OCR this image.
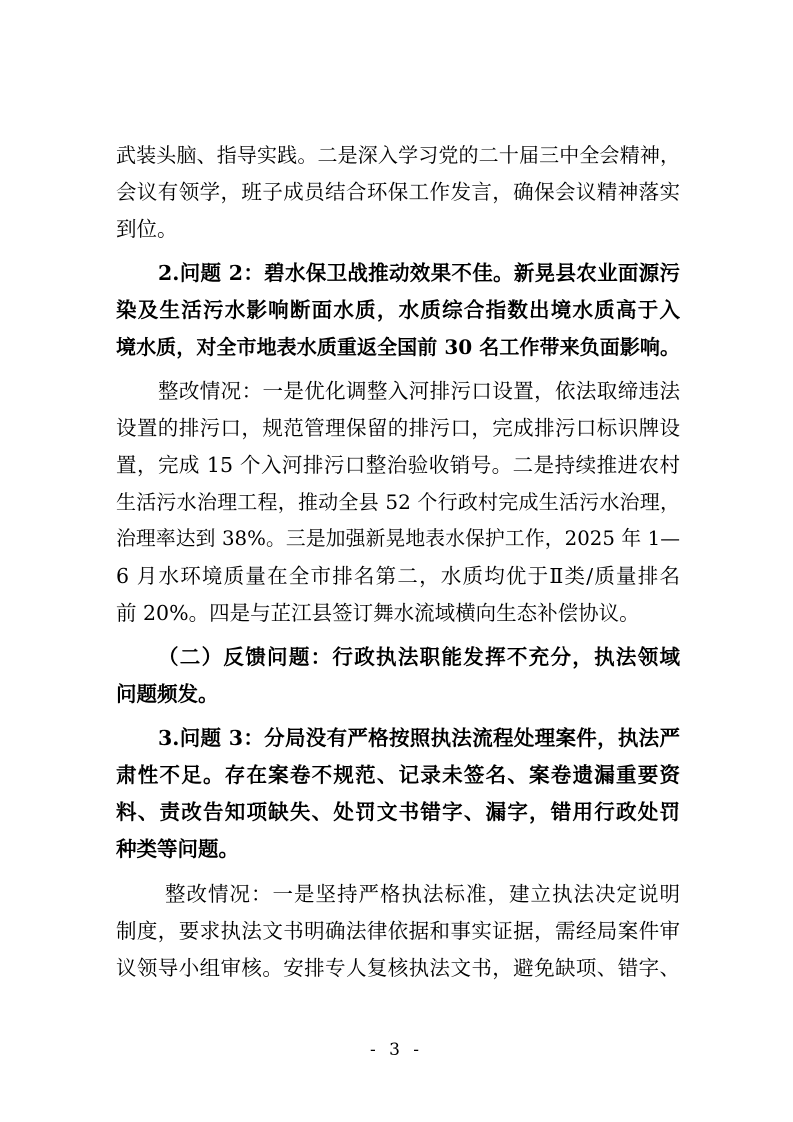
武装头脑、指导实践。二是深入学习党的二十届三中全会精神，
会议有领学，班子成员结合环保工作发言，确保会议精神落实
到位。
2.问题 2：碧水保卫战推动效果不佳。新晃县农业面源污
染及生活污水影响断面水质，水质综合指数出境水质高于入
境水质，对全市地表水质重返全国前 30 名工作带来负面影响。
整改情况：一是优化调整入河排污口设置，依法取缔违法
设置的排污口，规范管理保留的排污口，完成排污口标识牌设
置，完成 15 个入河排污口整治验收销号。二是持续推进农村
生活污水治理工程，推动全县 52 个行政村完成生活污水治理，
治理率达到 38%。三是加强新晃地表水保护工作，2025 年 1—
6 月水环境质量在全市排名第二，水质均优于Ⅱ类/质量排名
前 20%。四是与芷江县签订舞水流域横向生态补偿协议。
（二）反馈问题：行政执法职能发挥不充分，执法领域
问题频发。
3.问题 3：分局没有严格按照执法流程处理案件，执法严
肃性不足。存在案卷不规范、记录未签名、案卷遗漏重要资
料、责改告知项缺失、处罚文书错字、漏字，错用行政处罚
种类等问题。
整改情况：一是坚持严格执法标准，建立执法决定说明
制度，要求执法文书明确法律依据和事实证据，需经局案件审
议领导小组审核。安排专人复核执法文书，避免缺项、错字、
- 3 -
